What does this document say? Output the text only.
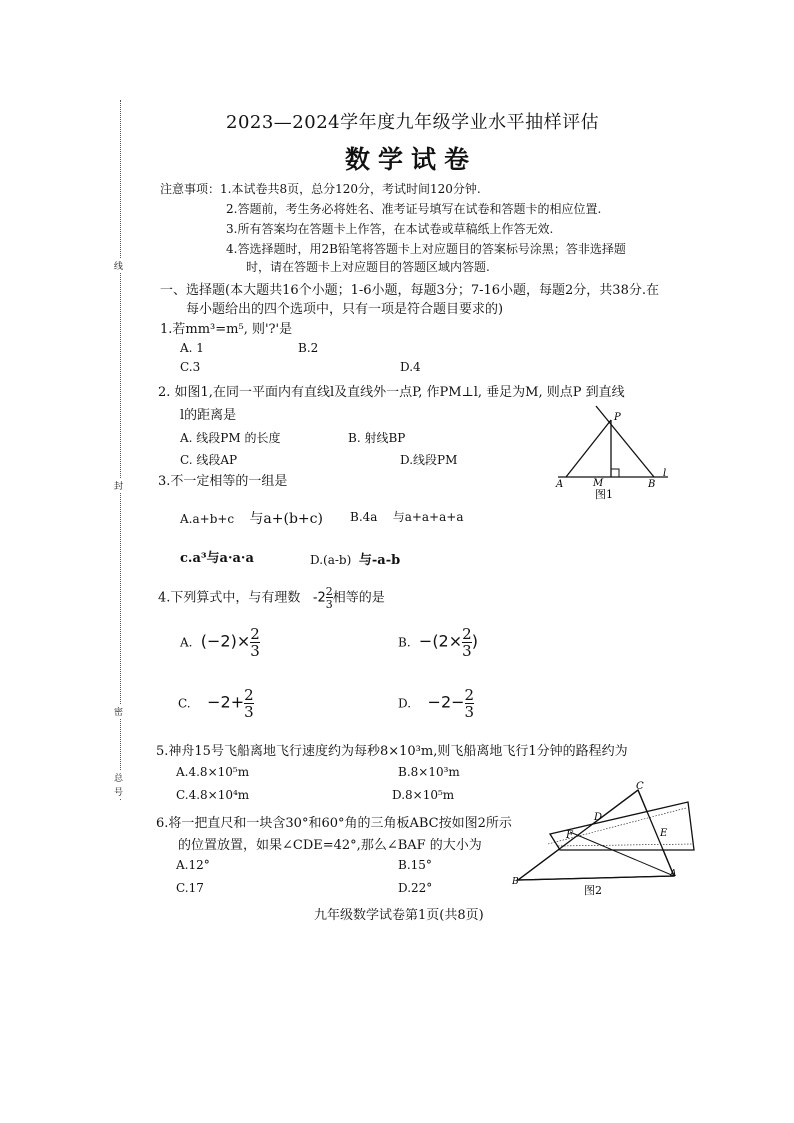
线
封
密
总
号
2023—2024学年度九年级学业水平抽样评估
数学试卷
注意事项：1.本试卷共8页，总分120分，考试时间120分钟.
2.答题前，考生务必将姓名、准考证号填写在试卷和答题卡的相应位置.
3.所有答案均在答题卡上作答，在本试卷或草稿纸上作答无效.
4.答选择题时，用2B铅笔将答题卡上对应题目的答案标号涂黑；答非选择题
时，请在答题卡上对应题目的答题区域内答题.
一、选择题(本大题共16个小题；1-6小题，每题3分；7-16小题，每题2分，共38分.在
每小题给出的四个选项中，只有一项是符合题目要求的)
1.若mm³=m⁵, 则'?'是
A. 1	B.2
C.3	D.4
2. 如图1,在同一平面内有直线l及直线外一点P, 作PM⊥l, 垂足为M, 则点P 到直线
l的距离是
A. 线段PM 的长度	B. 射线BP
C. 线段AP	D.线段PM
P
A	M	B
l
图1
3.不一定相等的一组是
A.a+b+c 与a+(b+c) B.4a 与a+a+a+a
c.a³与a·a·a	D.(a-b) 与-a-b
4.下列算式中，与有理数 $-2 \frac{2}{3}$ 相等的是
A. $(-2)\times \frac{2}{3}$	B. $-(2\times \frac{2}{3}$ )
C. $-2+ \frac{2}{3}$	D. $-2- \frac{2}{3}$
5.神舟15号飞船离地飞行速度约为每秒8×10³m,则飞船离地飞行1分钟的路程约为
A.4.8×10⁵m	B.8×10³m
C.4.8×10⁴m	D.8×10⁵m
6.将一把直尺和一块含30°和60°角的三角板ABC按如图2所示
的位置放置，如果∠CDE=42°,那么∠BAF 的大小为
A.12°	B.15°
C.17	D.22°
C
D
F	E
A
B
图2
九年级数学试卷第1页(共8页)
